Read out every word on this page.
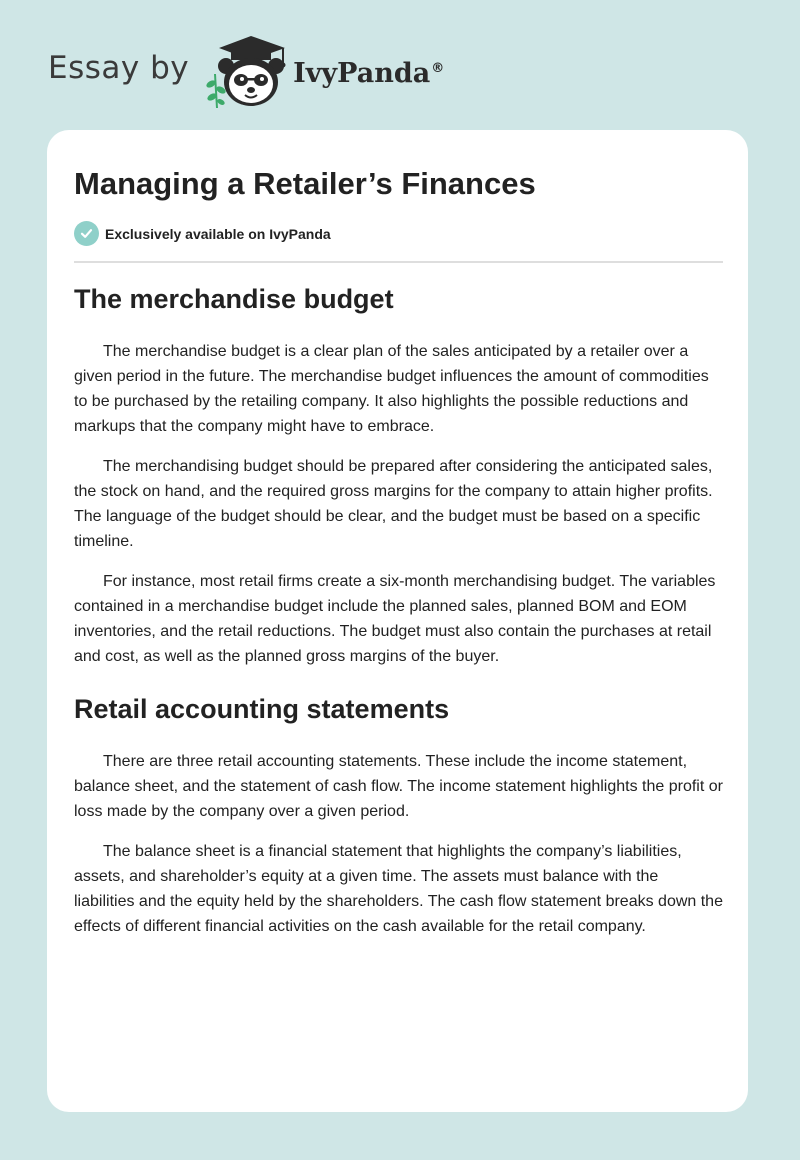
Essay by	IvyPanda®
Managing a Retailer’s Finances
Exclusively available on IvyPanda
The merchandise budget

The merchandise budget is a clear plan of the sales anticipated by a retailer over a given period in the future. The merchandise budget influences the amount of commodities to be purchased by the retailing company. It also highlights the possible reductions and markups that the company might have to embrace.

The merchandising budget should be prepared after considering the anticipated sales, the stock on hand, and the required gross margins for the company to attain higher profits. The language of the budget should be clear, and the budget must be based on a specific timeline.

For instance, most retail firms create a six-month merchandising budget. The variables contained in a merchandise budget include the planned sales, planned BOM and EOM inventories, and the retail reductions. The budget must also contain the purchases at retail and cost, as well as the planned gross margins of the buyer.

Retail accounting statements

There are three retail accounting statements. These include the income statement, balance sheet, and the statement of cash flow. The income statement highlights the profit or loss made by the company over a given period.

The balance sheet is a financial statement that highlights the company’s liabilities, assets, and shareholder’s equity at a given time. The assets must balance with the liabilities and the equity held by the shareholders. The cash flow statement breaks down the effects of different financial activities on the cash available for the retail company.
